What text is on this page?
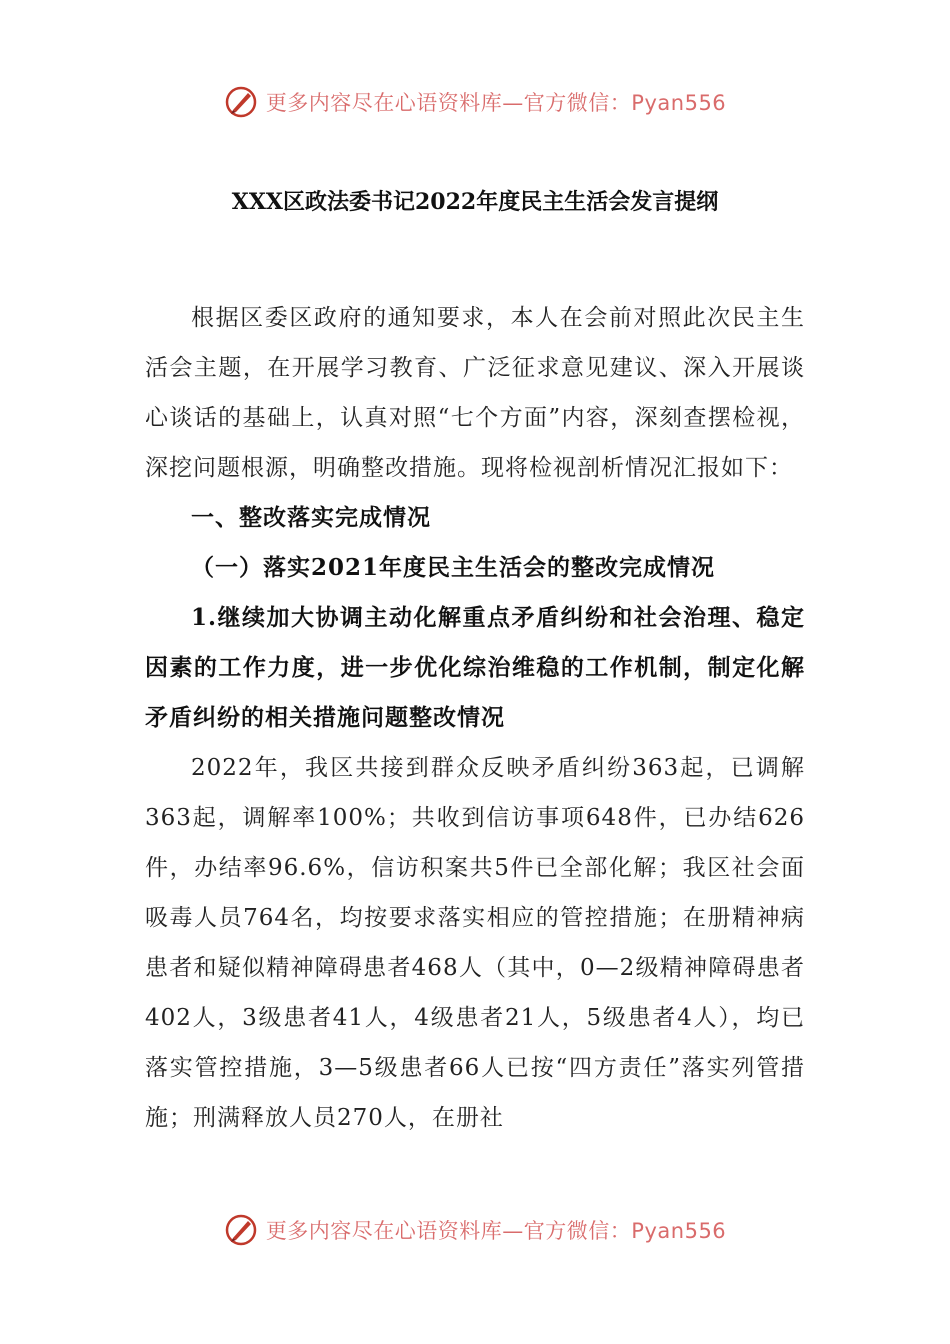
更多内容尽在心语资料库—官方微信：Pyan556
XXX区政法委书记2022年度民主生活会发言提纲

根据区委区政府的通知要求，本人在会前对照此次民主生活会主题，在开展学习教育、广泛征求意见建议、深入开展谈心谈话的基础上，认真对照“七个方面”内容，深刻查摆检视，深挖问题根源，明确整改措施。现将检视剖析情况汇报如下：

一、整改落实完成情况

（一）落实2021年度民主生活会的整改完成情况

1.继续加大协调主动化解重点矛盾纠纷和社会治理、稳定因素的工作力度，进一步优化综治维稳的工作机制，制定化解矛盾纠纷的相关措施问题整改情况

2022年，我区共接到群众反映矛盾纠纷363起，已调解363起，调解率100%；共收到信访事项648件，已办结626件，办结率96.6%，信访积案共5件已全部化解；我区社会面吸毒人员764名，均按要求落实相应的管控措施；在册精神病患者和疑似精神障碍患者468人（其中，0—2级精神障碍患者402人，3级患者41人，4级患者21人，5级患者4人），均已落实管控措施，3—5级患者66人已按“四方责任”落实列管措施；刑满释放人员270人，在册社

更多内容尽在心语资料库—官方微信：Pyan556
